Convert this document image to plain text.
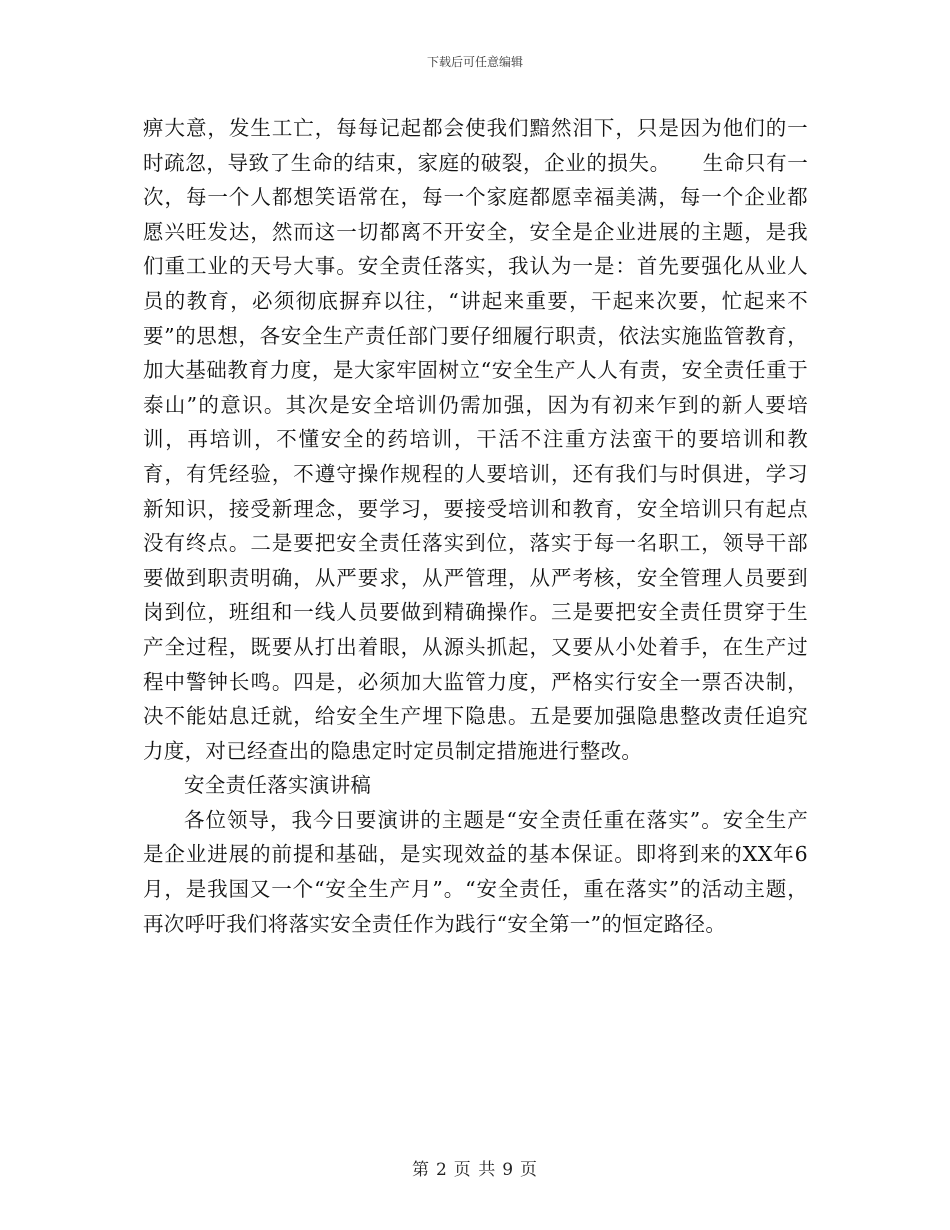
下载后可任意编辑

痹大意，发生工亡，每每记起都会使我们黯然泪下，只是因为他们的一时疏忽，导致了生命的结束，家庭的破裂，企业的损失。　　生命只有一次，每一个人都想笑语常在，每一个家庭都愿幸福美满，每一个企业都愿兴旺发达，然而这一切都离不开安全，安全是企业进展的主题，是我们重工业的天号大事。安全责任落实，我认为一是：首先要强化从业人员的教育，必须彻底摒弃以往，“讲起来重要，干起来次要，忙起来不要”的思想，各安全生产责任部门要仔细履行职责，依法实施监管教育，加大基础教育力度，是大家牢固树立“安全生产人人有责，安全责任重于泰山”的意识。其次是安全培训仍需加强，因为有初来乍到的新人要培训，再培训，不懂安全的药培训，干活不注重方法蛮干的要培训和教育，有凭经验，不遵守操作规程的人要培训，还有我们与时俱进，学习新知识，接受新理念，要学习，要接受培训和教育，安全培训只有起点没有终点。二是要把安全责任落实到位，落实于每一名职工，领导干部要做到职责明确，从严要求，从严管理，从严考核，安全管理人员要到岗到位，班组和一线人员要做到精确操作。三是要把安全责任贯穿于生产全过程，既要从打出着眼，从源头抓起，又要从小处着手，在生产过程中警钟长鸣。四是，必须加大监管力度，严格实行安全一票否决制，决不能姑息迁就，给安全生产埋下隐患。五是要加强隐患整改责任追究力度，对已经查出的隐患定时定员制定措施进行整改。

安全责任落实演讲稿

各位领导，我今日要演讲的主题是“安全责任重在落实”。安全生产是企业进展的前提和基础，是实现效益的基本保证。即将到来的XX年6月，是我国又一个“安全生产月”。“安全责任，重在落实”的活动主题，再次呼吁我们将落实安全责任作为践行“安全第一”的恒定路径。

第 2 页 共 9 页
